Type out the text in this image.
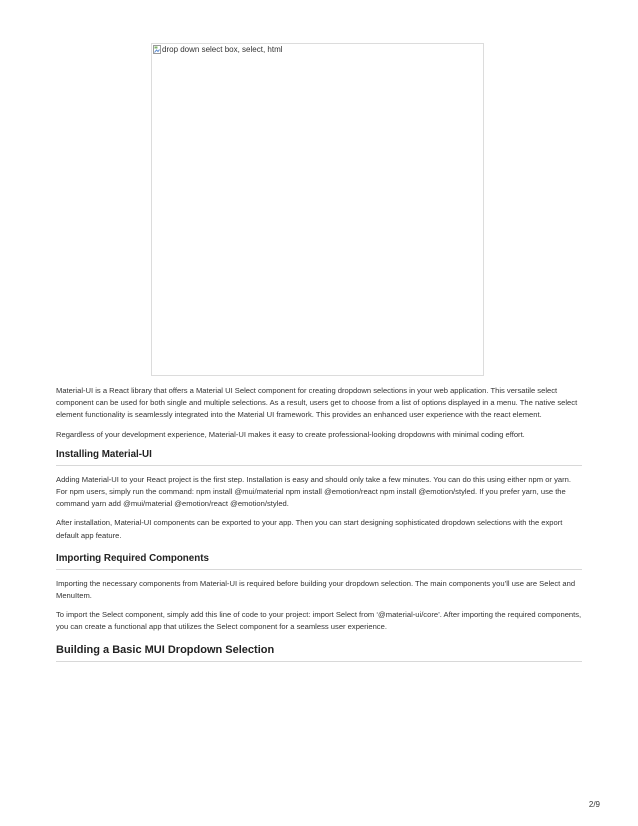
drop down select box, select, html

Material-UI is a React library that offers a Material UI Select component for creating dropdown selections in your web application. This versatile select component can be used for both single and multiple selections. As a result, users get to choose from a list of options displayed in a menu. The native select element functionality is seamlessly integrated into the Material UI framework. This provides an enhanced user experience with the react element.

Regardless of your development experience, Material-UI makes it easy to create professional-looking dropdowns with minimal coding effort.

Installing Material-UI

Adding Material-UI to your React project is the first step. Installation is easy and should only take a few minutes. You can do this using either npm or yarn. For npm users, simply run the command: npm install @mui/material npm install @emotion/react npm install @emotion/styled. If you prefer yarn, use the command yarn add @mui/material @emotion/react @emotion/styled.

After installation, Material-UI components can be exported to your app. Then you can start designing sophisticated dropdown selections with the export default app feature.

Importing Required Components

Importing the necessary components from Material-UI is required before building your dropdown selection. The main components you’ll use are Select and MenuItem.

To import the Select component, simply add this line of code to your project: import Select from ‘@material-ui/core’. After importing the required components, you can create a functional app that utilizes the Select component for a seamless user experience.

Building a Basic MUI Dropdown Selection
2/9
